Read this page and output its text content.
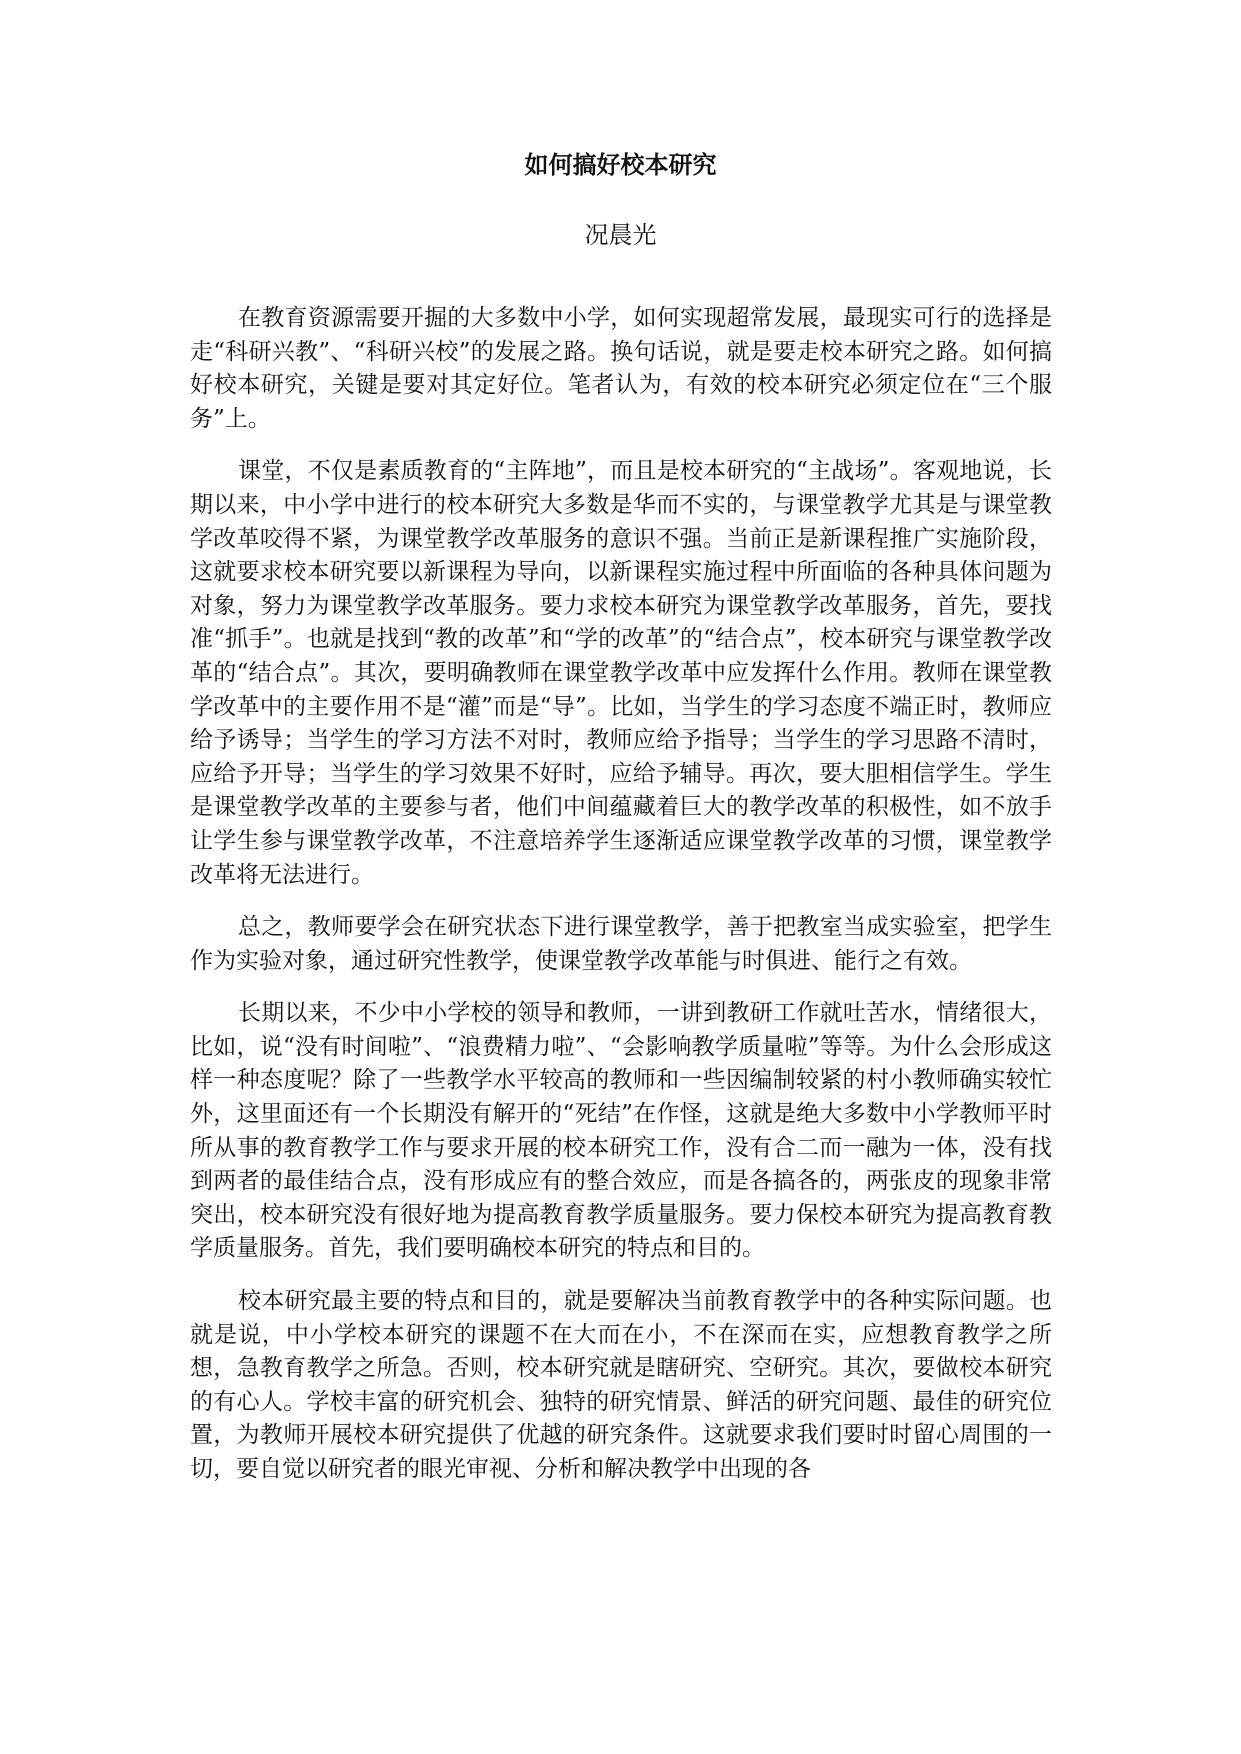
如何搞好校本研究
况晨光

在教育资源需要开掘的大多数中小学，如何实现超常发展，最现实可行的选择是走“科研兴教”、“科研兴校”的发展之路。换句话说，就是要走校本研究之路。如何搞好校本研究，关键是要对其定好位。笔者认为，有效的校本研究必须定位在“三个服务”上。

课堂，不仅是素质教育的“主阵地”，而且是校本研究的“主战场”。客观地说，长期以来，中小学中进行的校本研究大多数是华而不实的，与课堂教学尤其是与课堂教学改革咬得不紧，为课堂教学改革服务的意识不强。当前正是新课程推广实施阶段，这就要求校本研究要以新课程为导向，以新课程实施过程中所面临的各种具体问题为对象，努力为课堂教学改革服务。要力求校本研究为课堂教学改革服务，首先，要找准“抓手”。也就是找到“教的改革”和“学的改革”的“结合点”，校本研究与课堂教学改革的“结合点”。其次，要明确教师在课堂教学改革中应发挥什么作用。教师在课堂教学改革中的主要作用不是“灌”而是“导”。比如，当学生的学习态度不端正时，教师应给予诱导；当学生的学习方法不对时，教师应给予指导；当学生的学习思路不清时，应给予开导；当学生的学习效果不好时，应给予辅导。再次，要大胆相信学生。学生是课堂教学改革的主要参与者，他们中间蕴藏着巨大的教学改革的积极性，如不放手让学生参与课堂教学改革，不注意培养学生逐渐适应课堂教学改革的习惯，课堂教学改革将无法进行。

总之，教师要学会在研究状态下进行课堂教学，善于把教室当成实验室，把学生作为实验对象，通过研究性教学，使课堂教学改革能与时俱进、能行之有效。

长期以来，不少中小学校的领导和教师，一讲到教研工作就吐苦水，情绪很大，比如，说“没有时间啦”、“浪费精力啦”、“会影响教学质量啦”等等。为什么会形成这样一种态度呢？除了一些教学水平较高的教师和一些因编制较紧的村小教师确实较忙外，这里面还有一个长期没有解开的“死结”在作怪，这就是绝大多数中小学教师平时所从事的教育教学工作与要求开展的校本研究工作，没有合二而一融为一体，没有找到两者的最佳结合点，没有形成应有的整合效应，而是各搞各的，两张皮的现象非常突出，校本研究没有很好地为提高教育教学质量服务。要力保校本研究为提高教育教学质量服务。首先，我们要明确校本研究的特点和目的。

校本研究最主要的特点和目的，就是要解决当前教育教学中的各种实际问题。也就是说，中小学校本研究的课题不在大而在小，不在深而在实，应想教育教学之所想，急教育教学之所急。否则，校本研究就是瞎研究、空研究。其次，要做校本研究的有心人。学校丰富的研究机会、独特的研究情景、鲜活的研究问题、最佳的研究位置，为教师开展校本研究提供了优越的研究条件。这就要求我们要时时留心周围的一切，要自觉以研究者的眼光审视、分析和解决教学中出现的各
